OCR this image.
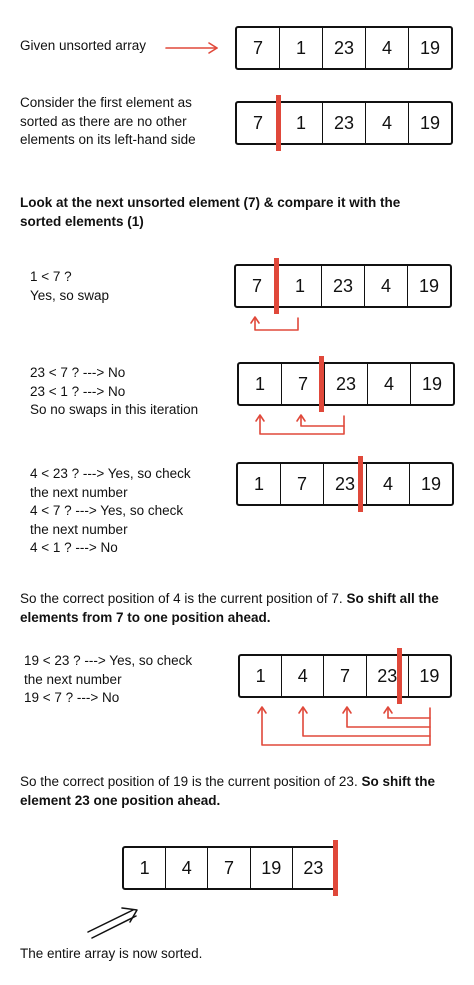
Given unsorted array	7	1	23	4	19
Consider the first element as
sorted as there are no other
elements on its left-hand side
7	1	23	4	19
Look at the next unsorted element (7) & compare it with the
sorted elements (1)
1 < 7 ?
Yes, so swap	7	1	23	4	19
23 < 7 ? ---> No
23 < 1 ? ---> No
So no swaps in this iteration
1	7	23	4	19
4 < 23 ? ---> Yes, so check
the next number
4 < 7 ? ---> Yes, so check
the next number
4 < 1 ? ---> No
1	7	23	4	19
So the correct position of 4 is the current position of 7. So shift all the elements from 7 to one position ahead.
19 < 23 ? ---> Yes, so check
the next number
19 < 7 ? ---> No
1	4	7	23	19
So the correct position of 19 is the current position of 23. So shift the element 23 one position ahead.
1	4	7	19	23
The entire array is now sorted.
